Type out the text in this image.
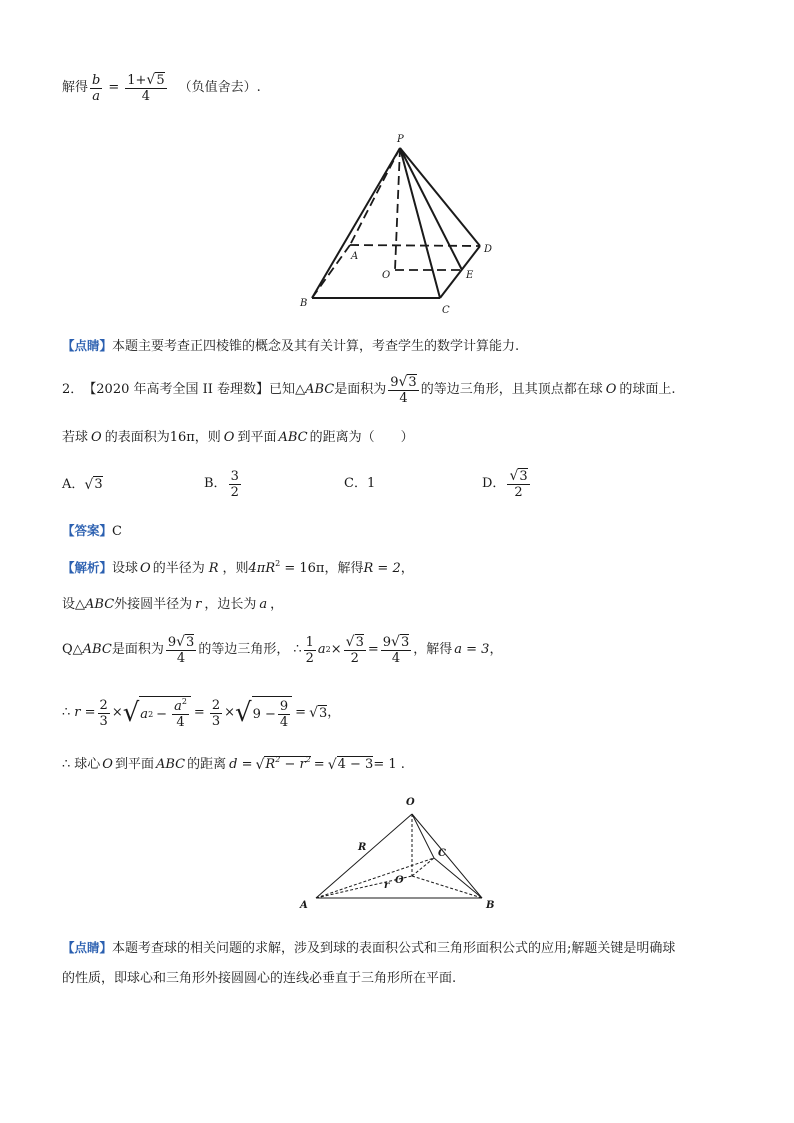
解得 $\frac{b}{a} = \frac{1+√5}{4}$ （负值舍去）.
P
A
B
C
D
E
O
【点睛】本题主要考查正四棱锥的概念及其有关计算，考查学生的数学计算能力.
2． 【2020 年高考全国 II 卷理数】 已知 △ ABC 是面积为 $\frac{9√3}{4}$ 的等边三角形，且其顶点都在球 O 的球面上.
若球 O 的表面积为16π，则 O 到平面 ABC 的距离为（　　）
A． √ 3	B． $\frac{3}{2}$	C．1	D． $\frac{√3}{2}$
【答案】C
【解析】设球 O 的半径为 R ，则$4\pi R^2 = 16\pi$，解得R = 2，
设△ABC外接圆半径为 r ，边长为 a ，
Q △ ABC 是面积为 $\frac{9√3}{4}$ 的等边三角形， ∴ $\frac{1}{2}$ a $2 \times \frac{√3}{2} = \frac{9√3}{4}$ ，解得 a = 3 ，
∴ $r = \frac{2}{3}$ × √ a $2 - \frac{a^2}{4} = \frac{2}{3}$ × √ $9 - \frac{9}{4}$ = √ 3 ，
∴ 球心 O 到平面 ABC 的距离 d = √ $R^2 - r^2$ = √ 4 − 3 = 1 .
O
R
C
r O
A	B
【点睛】本题考查球的相关问题的求解，涉及到球的表面积公式和三角形面积公式的应用;解题关键是明确球
的性质，即球心和三角形外接圆圆心的连线必垂直于三角形所在平面.
